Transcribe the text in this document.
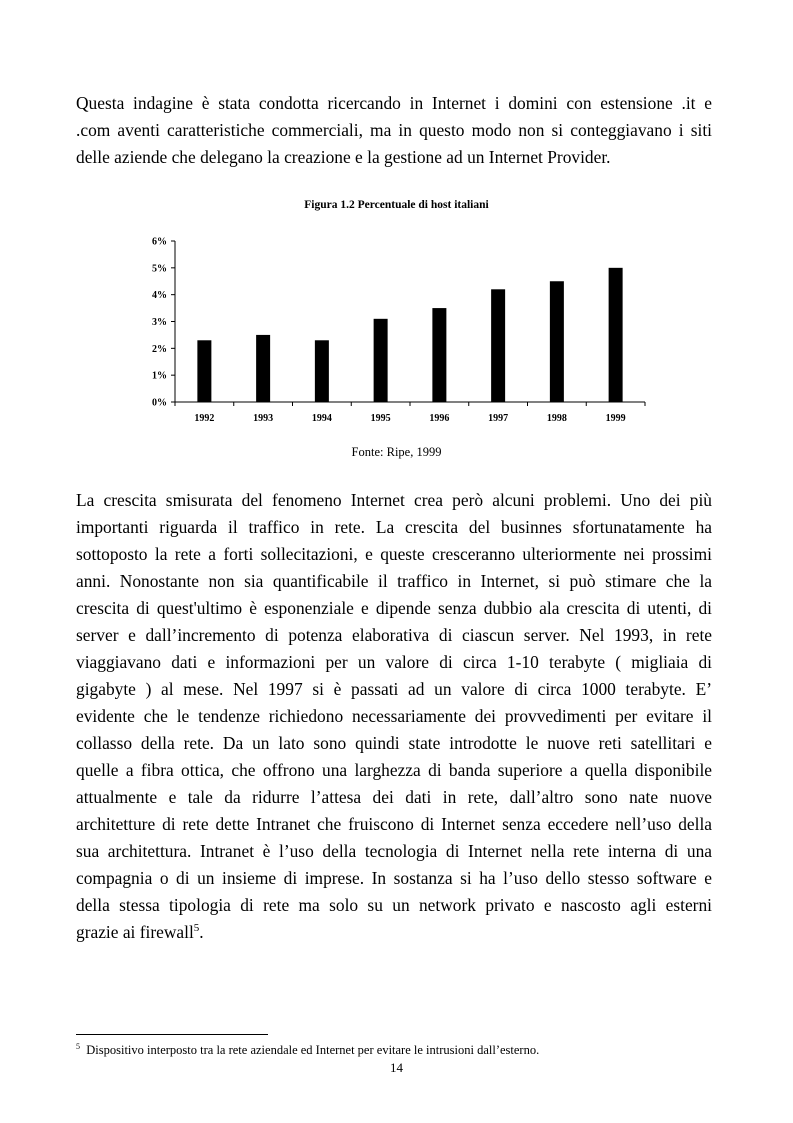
Questa indagine è stata condotta ricercando in Internet i domini con estensione .it e
.com aventi caratteristiche commerciali, ma in questo modo non si conteggiavano i siti
delle aziende che delegano la creazione e la gestione ad un Internet Provider.

Figura 1.2 Percentuale di host italiani

0%
1%
2%
3%
4%
5%
6%
1992	1993	1994	1995	1996	1997	1998	1999

Fonte: Ripe, 1999

La crescita smisurata del fenomeno Internet crea però alcuni problemi. Uno dei più
importanti riguarda il traffico in rete. La crescita del businnes sfortunatamente ha
sottoposto la rete a forti sollecitazioni, e queste cresceranno ulteriormente nei prossimi
anni. Nonostante non sia quantificabile il traffico in Internet, si può stimare che la
crescita di quest'ultimo è esponenziale e dipende senza dubbio ala crescita di utenti, di
server e dall’incremento di potenza elaborativa di ciascun server. Nel 1993, in rete
viaggiavano dati e informazioni per un valore di circa 1-10 terabyte ( migliaia di
gigabyte ) al mese. Nel 1997 si è passati ad un valore di circa 1000 terabyte. E’
evidente che le tendenze richiedono necessariamente dei provvedimenti per evitare il
collasso della rete. Da un lato sono quindi state introdotte le nuove reti satellitari e
quelle a fibra ottica, che offrono una larghezza di banda superiore a quella disponibile
attualmente e tale da ridurre l’attesa dei dati in rete, dall’altro sono nate nuove
architetture di rete dette Intranet che fruiscono di Internet senza eccedere nell’uso della
sua architettura. Intranet è l’uso della tecnologia di Internet nella rete interna di una
compagnia o di un insieme di imprese. In sostanza si ha l’uso dello stesso software e
della stessa tipologia di rete ma solo su un network privato e nascosto agli esterni
grazie ai firewall$^5$.

$^5$ Dispositivo interposto tra la rete aziendale ed Internet per evitare le intrusioni dall’esterno.

14
